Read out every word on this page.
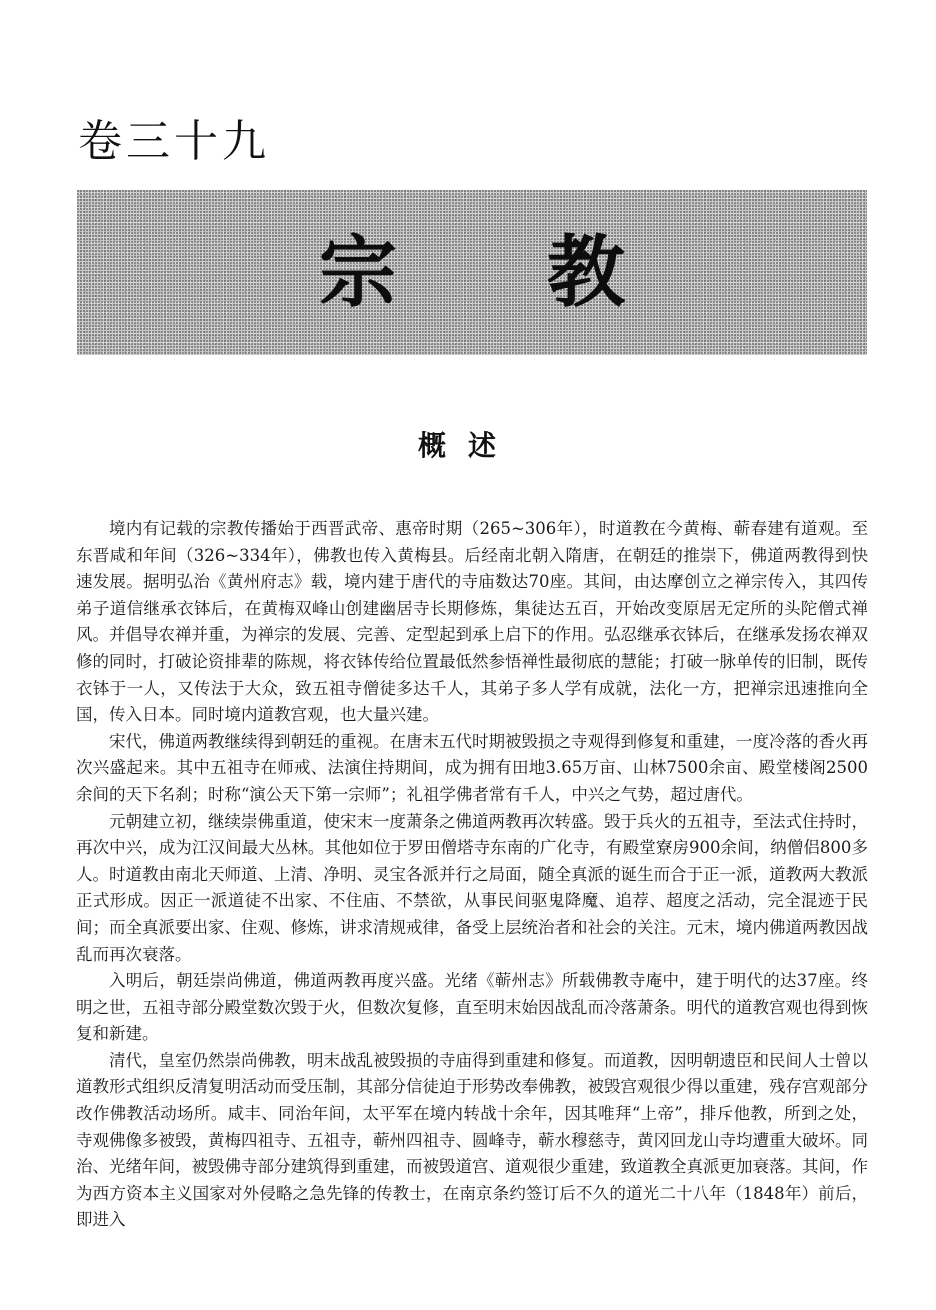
卷三十九
宗教
概述

境内有记载的宗教传播始于西晋武帝、惠帝时期（265~306年），时道教在今黄梅、蕲春建有道观。至东晋咸和年间（326~334年），佛教也传入黄梅县。后经南北朝入隋唐，在朝廷的推崇下，佛道两教得到快速发展。据明弘治《黄州府志》载，境内建于唐代的寺庙数达70座。其间，由达摩创立之禅宗传入，其四传弟子道信继承衣钵后，在黄梅双峰山创建幽居寺长期修炼，集徒达五百，开始改变原居无定所的头陀僧式禅风。并倡导农禅并重，为禅宗的发展、完善、定型起到承上启下的作用。弘忍继承衣钵后，在继承发扬农禅双修的同时，打破论资排辈的陈规，将衣钵传给位置最低然参悟禅性最彻底的慧能；打破一脉单传的旧制，既传衣钵于一人，又传法于大众，致五祖寺僧徒多达千人，其弟子多人学有成就，法化一方，把禅宗迅速推向全国，传入日本。同时境内道教宫观，也大量兴建。

宋代，佛道两教继续得到朝廷的重视。在唐末五代时期被毁损之寺观得到修复和重建，一度冷落的香火再次兴盛起来。其中五祖寺在师戒、法演住持期间，成为拥有田地3.65万亩、山林7500余亩、殿堂楼阁2500余间的天下名刹；时称“演公天下第一宗师”；礼祖学佛者常有千人，中兴之气势，超过唐代。

元朝建立初，继续崇佛重道，使宋末一度萧条之佛道两教再次转盛。毁于兵火的五祖寺，至法式住持时，再次中兴，成为江汉间最大丛林。其他如位于罗田僧塔寺东南的广化寺，有殿堂寮房900余间，纳僧侣800多人。时道教由南北天师道、上清、净明、灵宝各派并行之局面，随全真派的诞生而合于正一派，道教两大教派正式形成。因正一派道徒不出家、不住庙、不禁欲，从事民间驱鬼降魔、追荐、超度之活动，完全混迹于民间；而全真派要出家、住观、修炼，讲求清规戒律，备受上层统治者和社会的关注。元末，境内佛道两教因战乱而再次衰落。

入明后，朝廷崇尚佛道，佛道两教再度兴盛。光绪《蕲州志》所载佛教寺庵中，建于明代的达37座。终明之世，五祖寺部分殿堂数次毁于火，但数次复修，直至明末始因战乱而冷落萧条。明代的道教宫观也得到恢复和新建。

清代，皇室仍然崇尚佛教，明末战乱被毁损的寺庙得到重建和修复。而道教，因明朝遗臣和民间人士曾以道教形式组织反清复明活动而受压制，其部分信徒迫于形势改奉佛教，被毁宫观很少得以重建，残存宫观部分改作佛教活动场所。咸丰、同治年间，太平军在境内转战十余年，因其唯拜“上帝”，排斥他教，所到之处，寺观佛像多被毁，黄梅四祖寺、五祖寺，蕲州四祖寺、圆峰寺，蕲水穆慈寺，黄冈回龙山寺均遭重大破坏。同治、光绪年间，被毁佛寺部分建筑得到重建，而被毁道宫、道观很少重建，致道教全真派更加衰落。其间，作为西方资本主义国家对外侵略之急先锋的传教士，在南京条约签订后不久的道光二十八年（1848年）前后，即进入
